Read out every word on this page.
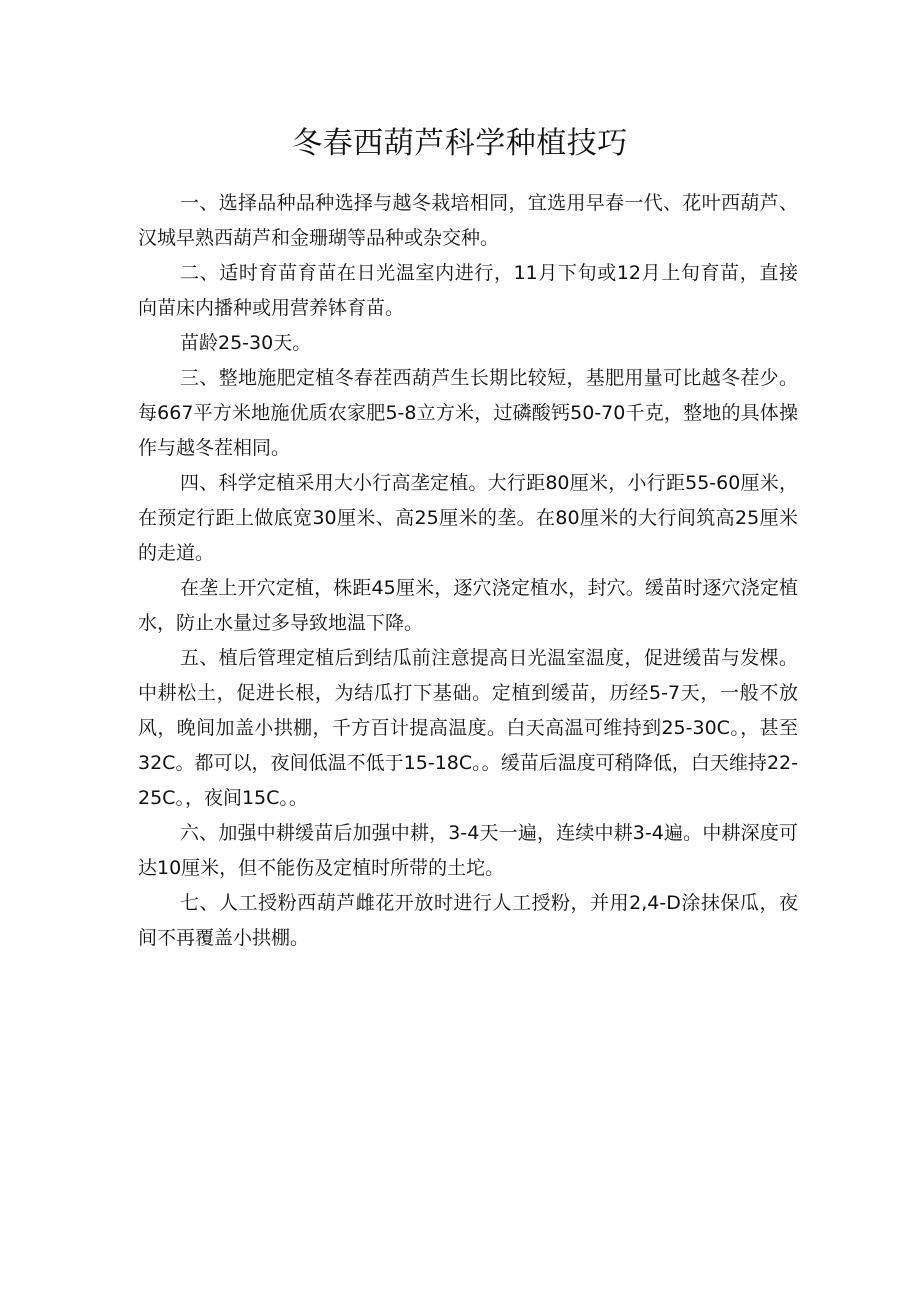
冬春西葫芦科学种植技巧

一、选择品种品种选择与越冬栽培相同，宜选用早春一代、花叶西葫芦、汉城早熟西葫芦和金珊瑚等品种或杂交种。

二、适时育苗育苗在日光温室内进行，11月下旬或12月上旬育苗，直接向苗床内播种或用营养钵育苗。

苗龄25-30天。

三、整地施肥定植冬春茬西葫芦生长期比较短，基肥用量可比越冬茬少。每667平方米地施优质农家肥5-8立方米，过磷酸钙50-70千克，整地的具体操作与越冬茬相同。

四、科学定植采用大小行高垄定植。大行距80厘米，小行距55-60厘米，在预定行距上做底宽30厘米、高25厘米的垄。在80厘米的大行间筑高25厘米的走道。

在垄上开穴定植，株距45厘米，逐穴浇定植水，封穴。缓苗时逐穴浇定植水，防止水量过多导致地温下降。

五、植后管理定植后到结瓜前注意提高日光温室温度，促进缓苗与发棵。中耕松土，促进长根，为结瓜打下基础。定植到缓苗，历经5-7天，一般不放风，晚间加盖小拱棚，千方百计提高温度。白天高温可维持到25-30C。，甚至32C。都可以，夜间低温不低于15-18C。。缓苗后温度可稍降低，白天维持22-25C。，夜间15C。。

六、加强中耕缓苗后加强中耕，3-4天一遍，连续中耕3-4遍。中耕深度可达10厘米，但不能伤及定植时所带的土坨。

七、人工授粉西葫芦雌花开放时进行人工授粉，并用2,4-D涂抹保瓜，夜间不再覆盖小拱棚。
